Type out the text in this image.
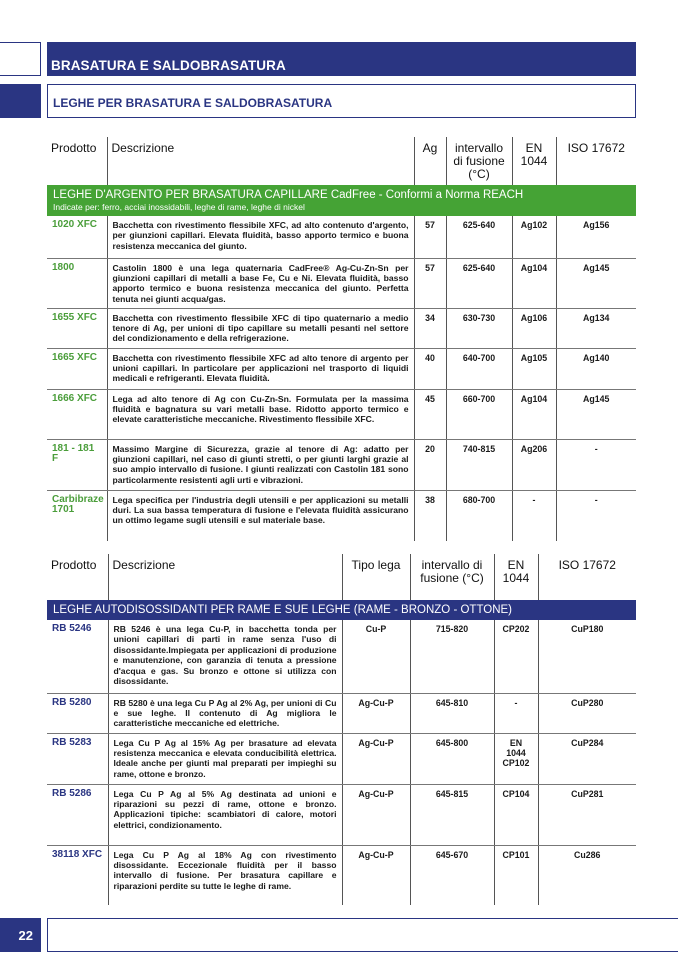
BRASATURA E SALDOBRASATURA
LEGHE PER BRASATURA E SALDOBRASATURA
Prodotto	Descrizione	Ag	intervallo di fusione (°C)	EN 1044	ISO 17672

LEGHE D'ARGENTO PER BRASATURA CAPILLARE CadFree - Conformi a Norma REACH
Indicate per: ferro, acciai inossidabili, leghe di rame, leghe di nickel					

1020 XFC	Bacchetta con rivestimento flessibile XFC, ad alto contenuto d'argento, per giunzioni capillari. Elevata fluidità, basso apporto termico e buona resistenza meccanica del giunto.	57	625-640	Ag102	Ag156
1800	Castolin 1800 è una lega quaternaria CadFree® Ag-Cu-Zn-Sn per giunzioni capillari di metalli a base Fe, Cu e Ni. Elevata fluidità, basso apporto termico e buona resistenza meccanica del giunto. Perfetta tenuta nei giunti acqua/gas.	57	625-640	Ag104	Ag145
1655 XFC	Bacchetta con rivestimento flessibile XFC di tipo quaternario a medio tenore di Ag, per unioni di tipo capillare su metalli pesanti nel settore del condizionamento e della refrigerazione.	34	630-730	Ag106	Ag134
1665 XFC	Bacchetta con rivestimento flessibile XFC ad alto tenore di argento per unioni capillari. In particolare per applicazioni nel trasporto di liquidi medicali e refrigeranti. Elevata fluidità.	40	640-700	Ag105	Ag140
1666 XFC	Lega ad alto tenore di Ag con Cu-Zn-Sn. Formulata per la massima fluidità e bagnatura su vari metalli base. Ridotto apporto termico e elevate caratteristiche meccaniche. Rivestimento flessibile XFC.	45	660-700	Ag104	Ag145
181 - 181 F	Massimo Margine di Sicurezza, grazie al tenore di Ag: adatto per giunzioni capillari, nel caso di giunti stretti, o per giunti larghi grazie al suo ampio intervallo di fusione. I giunti realizzati con Castolin 181 sono particolarmente resistenti agli urti e vibrazioni.	20	740-815	Ag206	-
Carbibraze 1701	Lega specifica per l'industria degli utensili e per applicazioni su metalli duri. La sua bassa temperatura di fusione e l'elevata fluidità assicurano un ottimo legame sugli utensili e sul materiale base.	38	680-700	-	-
Prodotto	Descrizione	Tipo lega	intervallo di fusione (°C)	EN 1044	ISO 17672
LEGHE AUTODISOSSIDANTI PER RAME E SUE LEGHE (RAME - BRONZO - OTTONE)					
RB 5246	RB 5246 è una lega Cu-P, in bacchetta tonda per unioni capillari di parti in rame senza l'uso di disossidante.Impiegata per applicazioni di produzione e manutenzione, con garanzia di tenuta a pressione d'acqua e gas. Su bronzo e ottone si utilizza con disossidante.	Cu-P	715-820	CP202	CuP180
RB 5280	RB 5280 è una lega Cu P Ag al 2% Ag, per unioni di Cu e sue leghe. Il contenuto di Ag migliora le caratteristiche meccaniche ed elettriche.	Ag-Cu-P	645-810	-	CuP280
RB 5283	Lega Cu P Ag al 15% Ag per brasature ad elevata resistenza meccanica e elevata conducibilità elettrica. Ideale anche per giunti mal preparati per impieghi su rame, ottone e bronzo.	Ag-Cu-P	645-800	EN 1044 CP102	CuP284
RB 5286	Lega Cu P Ag al 5% Ag destinata ad unioni e riparazioni su pezzi di rame, ottone e bronzo. Applicazioni tipiche: scambiatori di calore, motori elettrici, condizionamento.	Ag-Cu-P	645-815	CP104	CuP281
38118 XFC	Lega Cu P Ag al 18% Ag con rivestimento disossidante. Eccezionale fluidità per il basso intervallo di fusione. Per brasatura capillare e riparazioni perdite su tutte le leghe di rame.	Ag-Cu-P	645-670	CP101	Cu286
22
